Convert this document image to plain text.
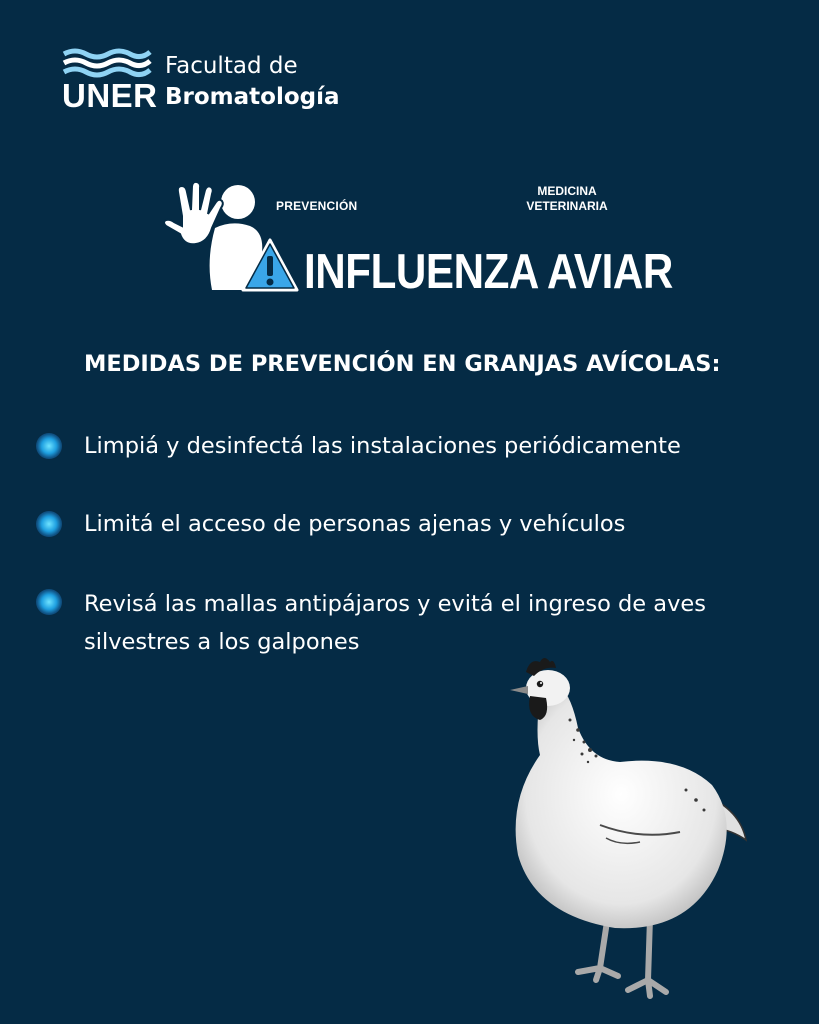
UNER
Facultad de
Bromatología
PREVENCIÓN
MEDICINA
VETERINARIA
INFLUENZA AVIAR
MEDIDAS DE PREVENCIÓN EN GRANJAS AVÍCOLAS:
Limpiá y desinfectá las instalaciones periódicamente
Limitá el acceso de personas ajenas y vehículos
Revisá las mallas antipájaros y evitá el ingreso de aves silvestres a los galpones
